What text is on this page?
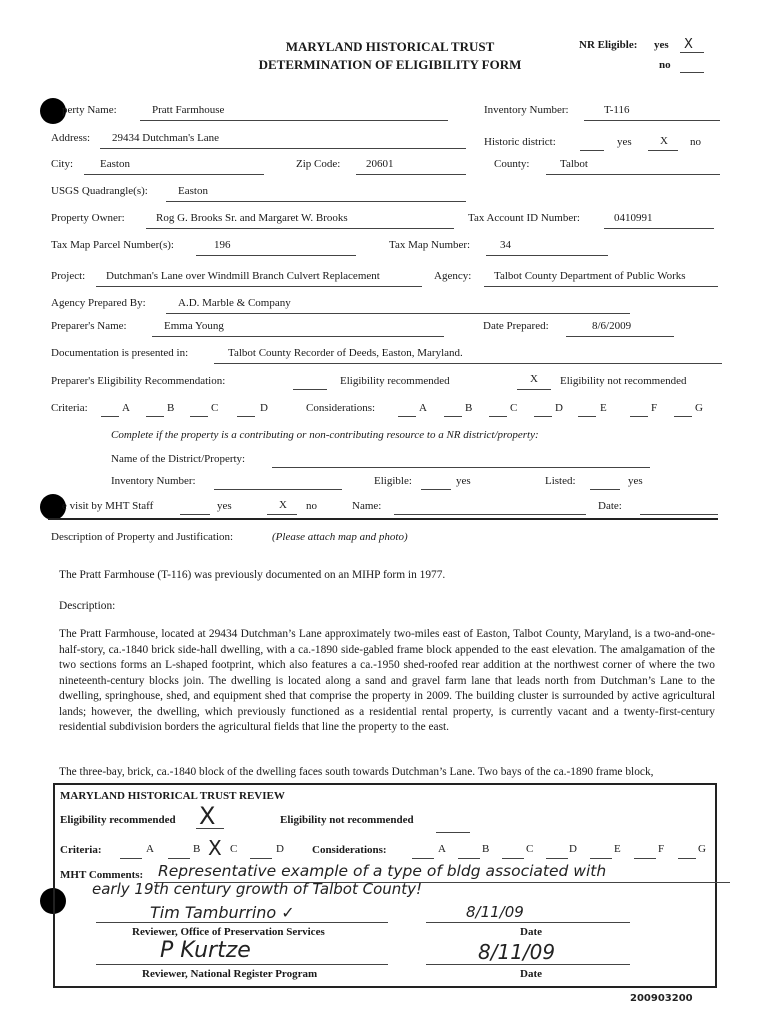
MARYLAND HISTORICAL TRUST
DETERMINATION OF ELIGIBILITY FORM
NR Eligible: yes X
no
perty Name:	Pratt Farmhouse	Inventory Number:	T-116
Address: 29434 Dutchman's Lane	Historic district:	yes	X no
City: Easton	Zip Code: 20601	County:	Talbot
USGS Quadrangle(s):	Easton
Property Owner:	Rog G. Brooks Sr. and Margaret W. Brooks	Tax Account ID Number:	0410991
Tax Map Parcel Number(s):	196	Tax Map Number:	34
Project: Dutchman's Lane over Windmill Branch Culvert Replacement	Agency: Talbot County Department of Public Works
Agency Prepared By:	A.D. Marble & Company
Preparer's Name:	Emma Young	Date Prepared:	8/6/2009
Documentation is presented in:	Talbot County Recorder of Deeds, Easton, Maryland.
Preparer's Eligibility Recommendation:	Eligibility recommended	X Eligibility not recommended
Criteria:	A	B	C	D	Considerations:	A	B	C	D	E	F	G
Complete if the property is a contributing or non-contributing resource to a NR district/property:
Name of the District/Property:
Inventory Number:	Eligible:	yes	Listed:	yes
e visit by MHT Staff	yes	X no	Name:	Date:
Description of Property and Justification:	(Please attach map and photo)
The Pratt Farmhouse (T-116) was previously documented on an MIHP form in 1977.
Description:
The Pratt Farmhouse, located at 29434 Dutchman’s Lane approximately two-miles east of Easton, Talbot County, Maryland, is a two-and-one-half-story, ca.-1840 brick side-hall dwelling, with a ca.-1890 side-gabled frame block appended to the east elevation. The amalgamation of the two sections forms an L-shaped footprint, which also features a ca.-1950 shed-roofed rear addition at the northwest corner of where the two nineteenth-century blocks join. The dwelling is located along a sand and gravel farm lane that leads north from Dutchman’s Lane to the dwelling, springhouse, shed, and equipment shed that comprise the property in 2009. The building cluster is surrounded by active agricultural lands; however, the dwelling, which previously functioned as a residential rental property, is currently vacant and a twenty-first-century residential subdivision borders the agricultural fields that line the property to the east.
The three-bay, brick, ca.-1840 block of the dwelling faces south towards Dutchman’s Lane. Two bays of the ca.-1890 frame block,
MARYLAND HISTORICAL TRUST REVIEW
Eligibility recommended X	Eligibility not recommended
Criteria:	A	B X C	D	Considerations:	A	B	C	D	E	F	G
MHT Comments: Representative example of a type of bldg associated with
early 19th century growth of Talbot County!
Tim Tamburrino ✓	8/11/09
Reviewer, Office of Preservation Services	Date
P Kurtze	8/11/09
Reviewer, National Register Program	Date
200903200
